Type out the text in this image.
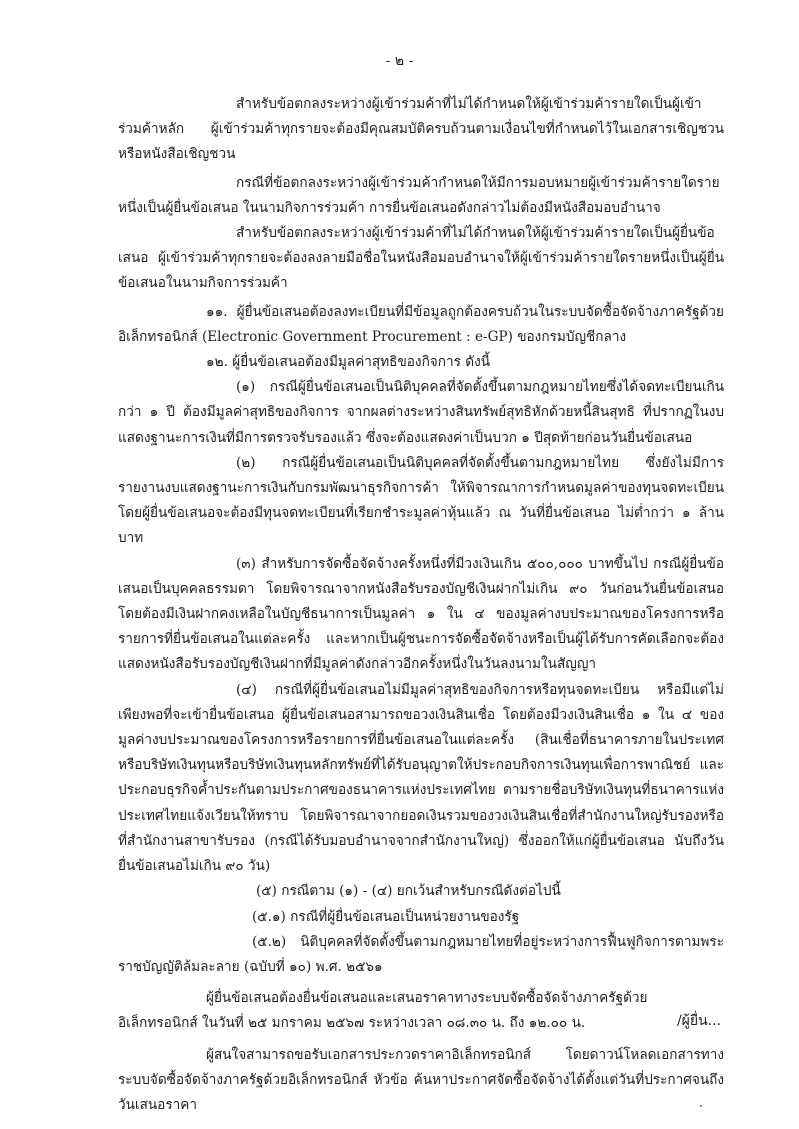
- ๒ -

สำหรับข้อตกลงระหว่างผู้เข้าร่วมค้าที่ไม่ได้กำหนดให้ผู้เข้าร่วมค้ารายใดเป็นผู้เข้าร่วมค้าหลัก ผู้เข้าร่วมค้าทุกรายจะต้องมีคุณสมบัติครบถ้วนตามเงื่อนไขที่กำหนดไว้ในเอกสารเชิญชวน หรือหนังสือเชิญชวน

กรณีที่ข้อตกลงระหว่างผู้เข้าร่วมค้ากำหนดให้มีการมอบหมายผู้เข้าร่วมค้ารายใดรายหนึ่งเป็นผู้ยื่นข้อเสนอ ในนามกิจการร่วมค้า การยื่นข้อเสนอดังกล่าวไม่ต้องมีหนังสือมอบอำนาจ

สำหรับข้อตกลงระหว่างผู้เข้าร่วมค้าที่ไม่ได้กำหนดให้ผู้เข้าร่วมค้ารายใดเป็นผู้ยื่นข้อเสนอ ผู้เข้าร่วมค้าทุกรายจะต้องลงลายมือชื่อในหนังสือมอบอำนาจให้ผู้เข้าร่วมค้ารายใดรายหนึ่งเป็นผู้ยื่นข้อเสนอในนามกิจการร่วมค้า

๑๑. ผู้ยื่นข้อเสนอต้องลงทะเบียนที่มีข้อมูลถูกต้องครบถ้วนในระบบจัดซื้อจัดจ้างภาครัฐด้วยอิเล็กทรอนิกส์ (Electronic Government Procurement : e-GP) ของกรมบัญชีกลาง

๑๒. ผู้ยื่นข้อเสนอต้องมีมูลค่าสุทธิของกิจการ ดังนี้

(๑) กรณีผู้ยื่นข้อเสนอเป็นนิติบุคคลที่จัดตั้งขึ้นตามกฎหมายไทยซึ่งได้จดทะเบียนเกินกว่า ๑ ปี ต้องมีมูลค่าสุทธิของกิจการ จากผลต่างระหว่างสินทรัพย์สุทธิหักด้วยหนี้สินสุทธิ ที่ปรากฏในงบแสดงฐานะการเงินที่มีการตรวจรับรองแล้ว ซึ่งจะต้องแสดงค่าเป็นบวก ๑ ปีสุดท้ายก่อนวันยื่นข้อเสนอ

(๒) กรณีผู้ยื่นข้อเสนอเป็นนิติบุคคลที่จัดตั้งขึ้นตามกฎหมายไทย ซึ่งยังไม่มีการรายงานงบแสดงฐานะการเงินกับกรมพัฒนาธุรกิจการค้า ให้พิจารณาการกำหนดมูลค่าของทุนจดทะเบียน โดยผู้ยื่นข้อเสนอจะต้องมีทุนจดทะเบียนที่เรียกชำระมูลค่าหุ้นแล้ว ณ วันที่ยื่นข้อเสนอ ไม่ต่ำกว่า ๑ ล้านบาท

(๓) สำหรับการจัดซื้อจัดจ้างครั้งหนึ่งที่มีวงเงินเกิน ๕๐๐,๐๐๐ บาทขึ้นไป กรณีผู้ยื่นข้อเสนอเป็นบุคคลธรรมดา โดยพิจารณาจากหนังสือรับรองบัญชีเงินฝากไม่เกิน ๙๐ วันก่อนวันยื่นข้อเสนอ โดยต้องมีเงินฝากคงเหลือในบัญชีธนาการเป็นมูลค่า ๑ ใน ๔ ของมูลค่างบประมาณของโครงการหรือรายการที่ยื่นข้อเสนอในแต่ละครั้ง และหากเป็นผู้ชนะการจัดซื้อจัดจ้างหรือเป็นผู้ได้รับการคัดเลือกจะต้องแสดงหนังสือรับรองบัญชีเงินฝากที่มีมูลค่าดังกล่าวอีกครั้งหนึ่งในวันลงนามในสัญญา

(๔) กรณีที่ผู้ยื่นข้อเสนอไม่มีมูลค่าสุทธิของกิจการหรือทุนจดทะเบียน หรือมีแต่ไม่เพียงพอที่จะเข้ายื่นข้อเสนอ ผู้ยื่นข้อเสนอสามารถขอวงเงินสินเชื่อ โดยต้องมีวงเงินสินเชื่อ ๑ ใน ๔ ของมูลค่างบประมาณของโครงการหรือรายการที่ยื่นข้อเสนอในแต่ละครั้ง (สินเชื่อที่ธนาคารภายในประเทศ หรือบริษัทเงินทุนหรือบริษัทเงินทุนหลักทรัพย์ที่ได้รับอนุญาตให้ประกอบกิจการเงินทุนเพื่อการพาณิชย์ และประกอบธุรกิจค้ำประกันตามประกาศของธนาคารแห่งประเทศไทย ตามรายชื่อบริษัทเงินทุนที่ธนาคารแห่งประเทศไทยแจ้งเวียนให้ทราบ โดยพิจารณาจากยอดเงินรวมของวงเงินสินเชื่อที่สำนักงานใหญ่รับรองหรือที่สำนักงานสาขารับรอง (กรณีได้รับมอบอำนาจจากสำนักงานใหญ่) ซึ่งออกให้แก่ผู้ยื่นข้อเสนอ นับถึงวันยื่นข้อเสนอไม่เกิน ๙๐ วัน)

(๕) กรณีตาม (๑) - (๔) ยกเว้นสำหรับกรณีดังต่อไปนี้

(๕.๑) กรณีที่ผู้ยื่นข้อเสนอเป็นหน่วยงานของรัฐ

(๕.๒) นิติบุคคลที่จัดตั้งขึ้นตามกฎหมายไทยที่อยู่ระหว่างการฟื้นฟูกิจการตามพระราชบัญญัติล้มละลาย (ฉบับที่ ๑๐) พ.ศ. ๒๕๖๑

ผู้ยื่นข้อเสนอต้องยื่นข้อเสนอและเสนอราคาทางระบบจัดซื้อจัดจ้างภาครัฐด้วยอิเล็กทรอนิกส์ ในวันที่ ๒๕ มกราคม ๒๕๖๗ ระหว่างเวลา ๐๘.๓๐ น. ถึง ๑๒.๐๐ น.

ผู้สนใจสามารถขอรับเอกสารประกวดราคาอิเล็กทรอนิกส์ โดยดาวน์โหลดเอกสารทางระบบจัดซื้อจัดจ้างภาครัฐด้วยอิเล็กทรอนิกส์ หัวข้อ ค้นหาประกาศจัดซื้อจัดจ้างได้ตั้งแต่วันที่ประกาศจนถึงวันเสนอราคา

/ผู้ยื่น...
